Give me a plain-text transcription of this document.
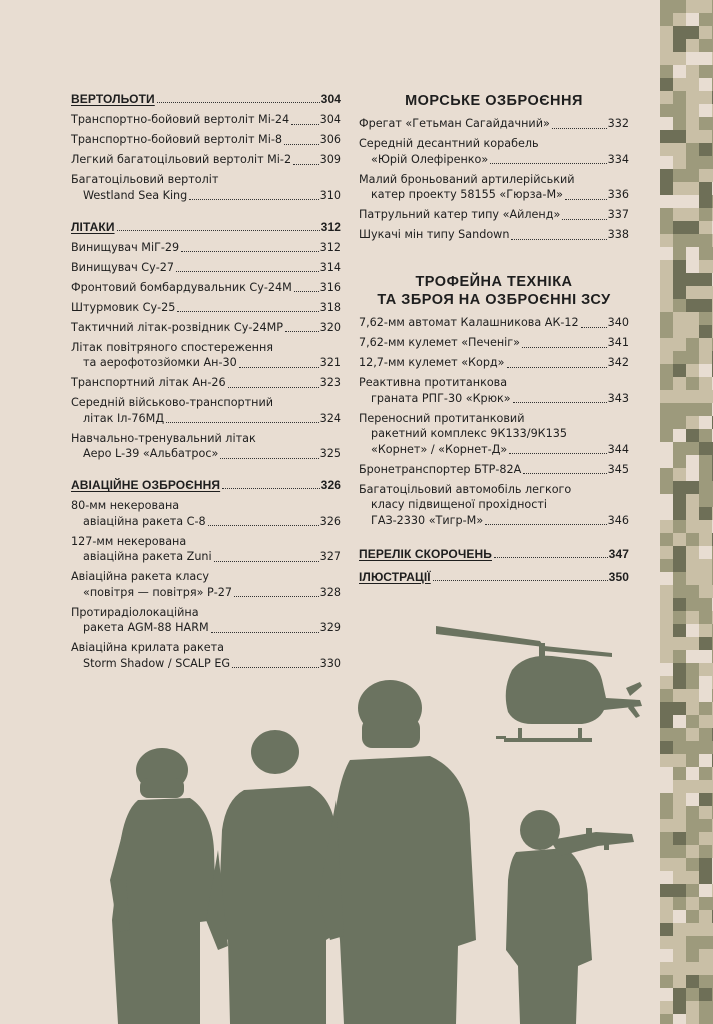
ВЕРТОЛЬОТИ	304
Транспортно-бойовий вертоліт Мі-24	304
Транспортно-бойовий вертоліт Мі-8	306
Легкий багатоцільовий вертоліт Мі-2	309
Багатоцільовий вертоліт
Westland Sea King	310
ЛІТАКИ	312
Винищувач МіГ-29	312
Винищувач Су-27	314
Фронтовий бомбардувальник Су-24М 316
Штурмовик Су-25	318
Тактичний літак-розвідник Су-24МР	320
Літак повітряного спостереження
та аерофотозйомки Ан-30	321
Транспортний літак Ан-26	323
Середній військово-транспортний
літак Іл-76МД	324
Навчально-тренувальний літак
Аеро L-39 «Альбатрос»	325
АВІАЦІЙНЕ ОЗБРОЄННЯ	326
80-мм некерована
авіаційна ракета С-8	326
127-мм некерована
авіаційна ракета Zuni	327
Авіаційна ракета класу
«повітря — повітря» Р-27	328
Протирадіолокаційна
ракета AGM-88 HARM	329
Авіаційна крилата ракета
Storm Shadow / SCALP EG	330
МОРСЬКЕ ОЗБРОЄННЯ
Фрегат «Гетьман Сагайдачний»	332
Середній десантний корабель
«Юрій Олефіренко»	334
Малий броньований артилерійський
катер проекту 58155 «Гюрза-М»	336
Патрульний катер типу «Айленд»	337
Шукачі мін типу Sandown	338
ТРОФЕЙНА ТЕХНІКА
ТА ЗБРОЯ НА ОЗБРОЄННІ ЗСУ
7,62-мм автомат Калашникова АК-12	340
7,62-мм кулемет «Печеніг»	341
12,7-мм кулемет «Корд»	342
Реактивна протитанкова
граната РПГ-30 «Крюк»	343
Переносний протитанковий
ракетний комплекс 9К133/9К135
«Корнет» / «Корнет-Д»	344
Бронетранспортер БТР-82А	345
Багатоцільовий автомобіль легкого
класу підвищеної прохідності
ГАЗ-2330 «Тигр-М»	346
ПЕРЕЛІК СКОРОЧЕНЬ	347
ІЛЮСТРАЦІЇ	350
